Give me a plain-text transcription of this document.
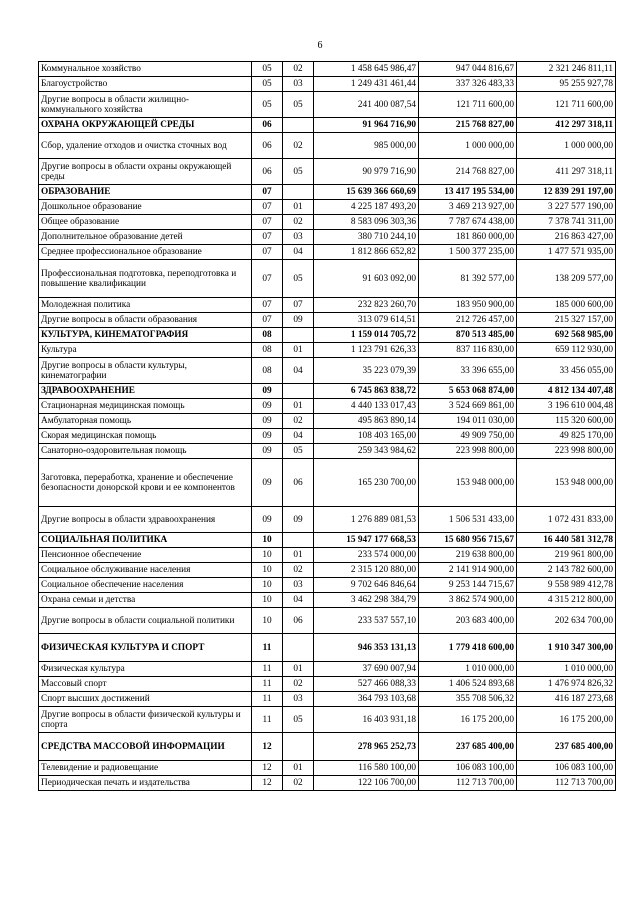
6
Коммунальное хозяйство	05	02	1 458 645 986,47	947 044 816,67	2 321 246 811,11
Благоустройство	05	03	1 249 431 461,44	337 326 483,33	95 255 927,78
Другие вопросы в области жилищно-коммунального хозяйства	05	05	241 400 087,54	121 711 600,00	121 711 600,00
ОХРАНА ОКРУЖАЮЩЕЙ СРЕДЫ	06		91 964 716,90	215 768 827,00	412 297 318,11
Сбор, удаление отходов и очистка сточных вод	06	02	985 000,00	1 000 000,00	1 000 000,00
Другие вопросы в области охраны окружающей среды	06	05	90 979 716,90	214 768 827,00	411 297 318,11
ОБРАЗОВАНИЕ	07		15 639 366 660,69	13 417 195 534,00	12 839 291 197,00
Дошкольное образование	07	01	4 225 187 493,20	3 469 213 927,00	3 227 577 190,00
Общее образование	07	02	8 583 096 303,36	7 787 674 438,00	7 378 741 311,00
Дополнительное образование детей	07	03	380 710 244,10	181 860 000,00	216 863 427,00
Среднее профессиональное образование	07	04	1 812 866 652,82	1 500 377 235,00	1 477 571 935,00
Профессиональная подготовка, переподготовка и повышение квалификации	07	05	91 603 092,00	81 392 577,00	138 209 577,00
Молодежная политика	07	07	232 823 260,70	183 950 900,00	185 000 600,00
Другие вопросы в области образования	07	09	313 079 614,51	212 726 457,00	215 327 157,00
КУЛЬТУРА, КИНЕМАТОГРАФИЯ	08		1 159 014 705,72	870 513 485,00	692 568 985,00
Культура	08	01	1 123 791 626,33	837 116 830,00	659 112 930,00
Другие вопросы в области культуры, кинематографии	08	04	35 223 079,39	33 396 655,00	33 456 055,00
ЗДРАВООХРАНЕНИЕ	09		6 745 863 838,72	5 653 068 874,00	4 812 134 407,48
Стационарная медицинская помощь	09	01	4 440 133 017,43	3 524 669 861,00	3 196 610 004,48
Амбулаторная помощь	09	02	495 863 890,14	194 011 030,00	115 320 600,00
Скорая медицинская помощь	09	04	108 403 165,00	49 909 750,00	49 825 170,00
Санаторно-оздоровительная помощь	09	05	259 343 984,62	223 998 800,00	223 998 800,00
Заготовка, переработка, хранение и обеспечение безопасности донорской крови и ее компонентов	09	06	165 230 700,00	153 948 000,00	153 948 000,00
Другие вопросы в области здравоохранения	09	09	1 276 889 081,53	1 506 531 433,00	1 072 431 833,00
СОЦИАЛЬНАЯ ПОЛИТИКА	10		15 947 177 668,53	15 680 956 715,67	16 440 581 312,78
Пенсионное обеспечение	10	01	233 574 000,00	219 638 800,00	219 961 800,00
Социальное обслуживание населения	10	02	2 315 120 880,00	2 141 914 900,00	2 143 782 600,00
Социальное обеспечение населения	10	03	9 702 646 846,64	9 253 144 715,67	9 558 989 412,78
Охрана семьи и детства	10	04	3 462 298 384,79	3 862 574 900,00	4 315 212 800,00
Другие вопросы в области социальной политики	10	06	233 537 557,10	203 683 400,00	202 634 700,00
ФИЗИЧЕСКАЯ КУЛЬТУРА И СПОРТ	11		946 353 131,13	1 779 418 600,00	1 910 347 300,00
Физическая культура	11	01	37 690 007,94	1 010 000,00	1 010 000,00
Массовый спорт	11	02	527 466 088,33	1 406 524 893,68	1 476 974 826,32
Спорт высших достижений	11	03	364 793 103,68	355 708 506,32	416 187 273,68
Другие вопросы в области физической культуры и спорта	11	05	16 403 931,18	16 175 200,00	16 175 200,00
СРЕДСТВА МАССОВОЙ ИНФОРМАЦИИ	12		278 965 252,73	237 685 400,00	237 685 400,00
Телевидение и радиовещание	12	01	116 580 100,00	106 083 100,00	106 083 100,00
Периодическая печать и издательства	12	02	122 106 700,00	112 713 700,00	112 713 700,00
